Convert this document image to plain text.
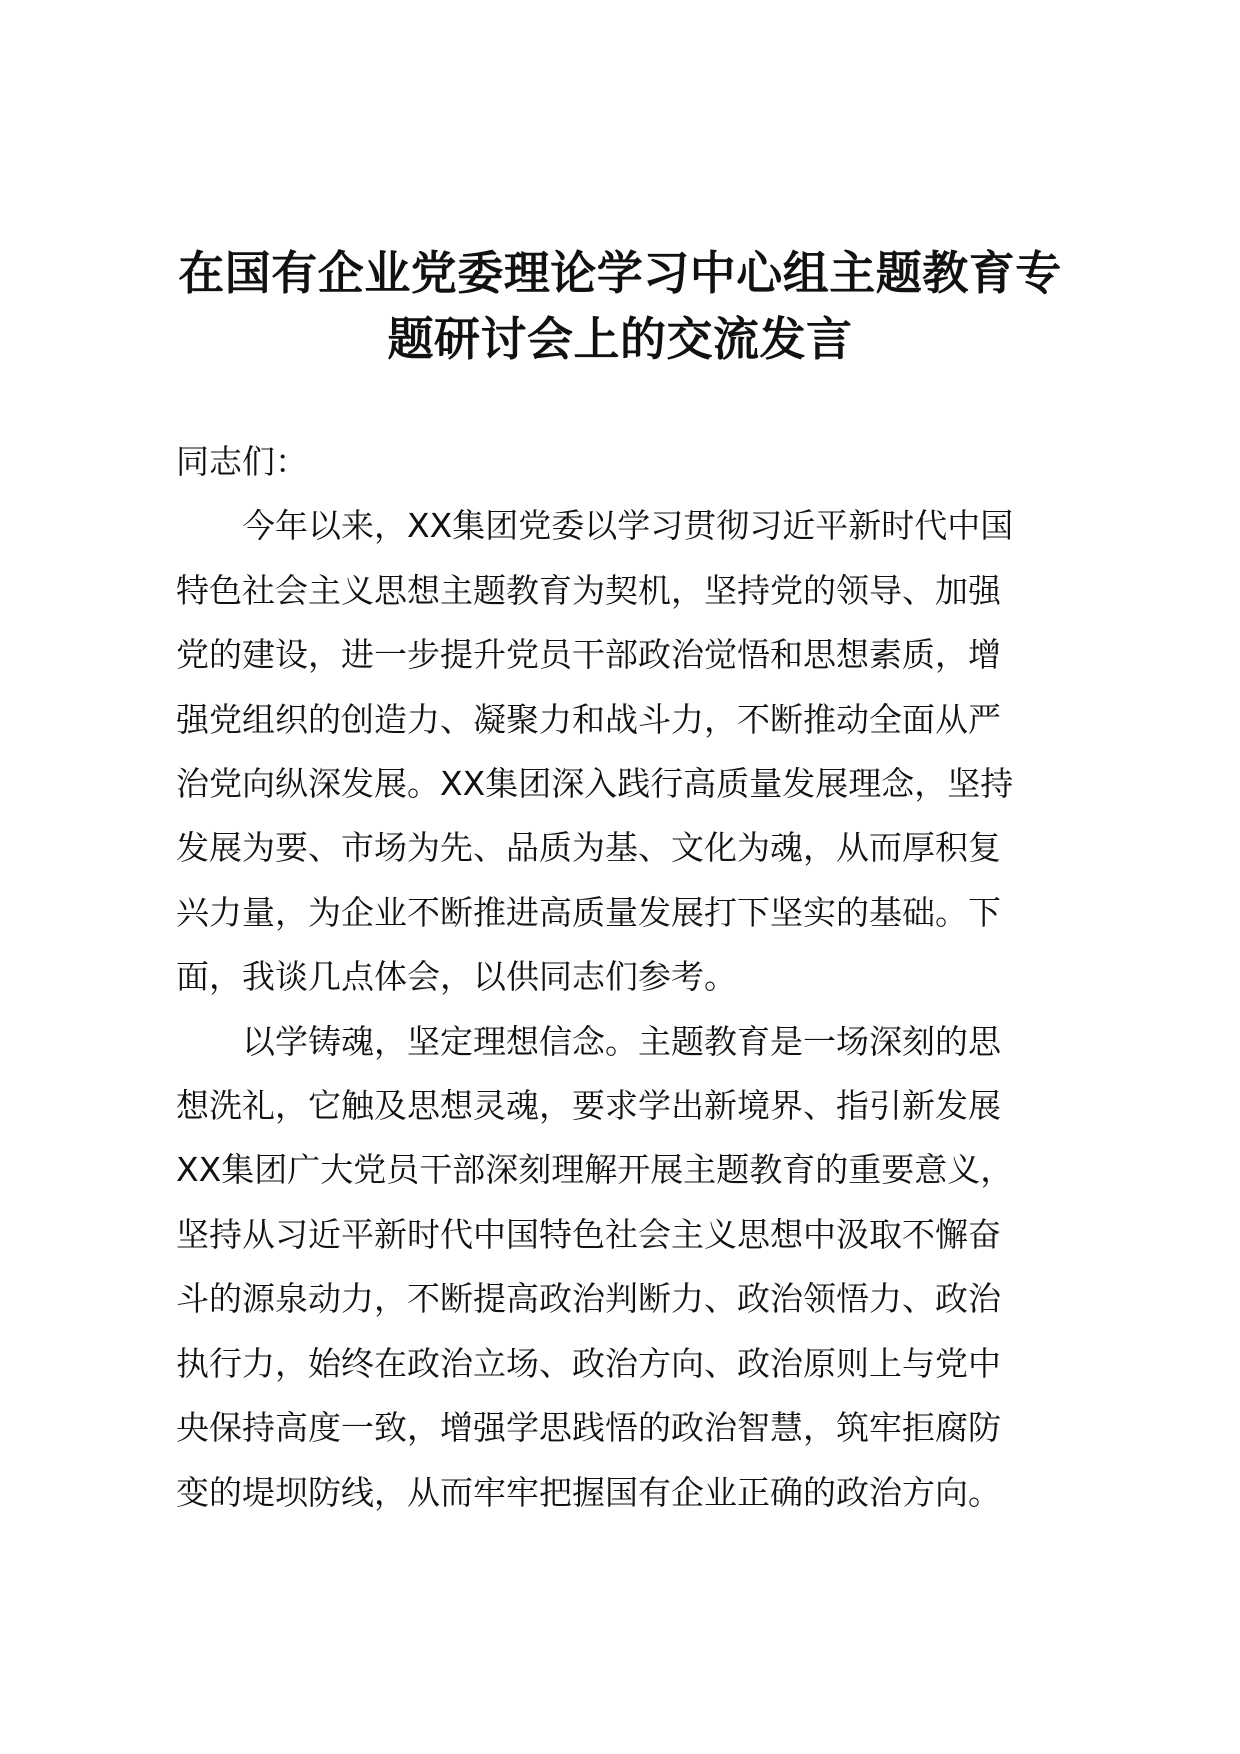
在国有企业党委理论学习中心组主题教育专
题研讨会上的交流发言
同志们：
今年以来，XX集团党委以学习贯彻习近平新时代中国
特色社会主义思想主题教育为契机，坚持党的领导、加强
党的建设，进一步提升党员干部政治觉悟和思想素质，增
强党组织的创造力、凝聚力和战斗力，不断推动全面从严
治党向纵深发展。XX集团深入践行高质量发展理念，坚持
发展为要、市场为先、品质为基、文化为魂，从而厚积复
兴力量，为企业不断推进高质量发展打下坚实的基础。下
面，我谈几点体会，以供同志们参考。
以学铸魂，坚定理想信念。主题教育是一场深刻的思
想洗礼，它触及思想灵魂，要求学出新境界、指引新发展
XX集团广大党员干部深刻理解开展主题教育的重要意义，
坚持从习近平新时代中国特色社会主义思想中汲取不懈奋
斗的源泉动力，不断提高政治判断力、政治领悟力、政治
执行力，始终在政治立场、政治方向、政治原则上与党中
央保持高度一致，增强学思践悟的政治智慧，筑牢拒腐防
变的堤坝防线，从而牢牢把握国有企业正确的政治方向。
